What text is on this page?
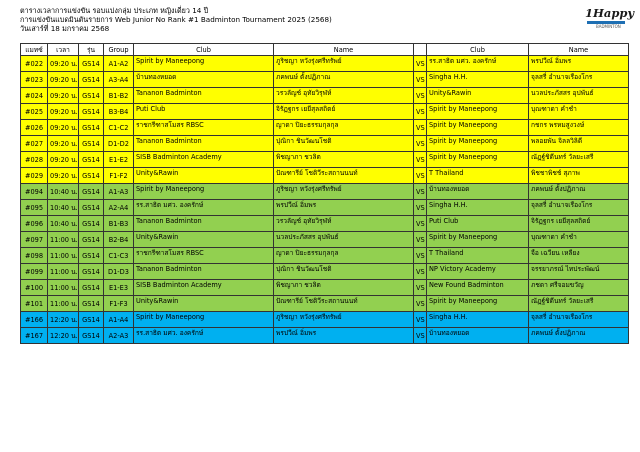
ตารางเวลาการแข่งขัน รอบแบ่งกลุ่ม ประเภท หญิงเดี่ยว 14 ปี
การแข่งขันแบดมินตันรายการ Web Junior No Rank #1 Badminton Tournament 2025 (2568)
วันเสาร์ที่ 18 มกราคม 2568
1Happy
BADMINTON
แมทซ์	เวลา	รุ่น	Group	Club	Name		Club	Name
#022	09:20 น.	GS14	A1-A2	Spirit by Maneepong	ภูริชญา หวังรุ่งศรีทรัพย์	VS	รร.สาธิต มศว. องครักษ์	พรปวีณ์ อิ่มพร
#023	09:20 น.	GS14	A3-A4	บ้านทองหยอด	ภคพนษ์ ตั้งปฏิภาณ	VS	Singha H.H.	จุลสรี่ อำนาจเรืองโกร
#024	09:20 น.	GS14	B1-B2	Tananon Badminton	วรวลัญช์ อุทัยวิรุฬห์	VS	Unity&Rawin	นวลประภัสสร อุปพันธ์
#025	09:20 น.	GS14	B3-B4	Puti Club	จิรัฏฐกร เยยีสุลสถิตย์	VS	Spirit by Maneepong	บุณฑาดา คำชำ
#026	09:20 น.	GS14	C1-C2	ราชกรีฑาสโมสร RBSC	ญาดา ปิยะธรรมกุลกุล	VS	Spirit by Maneepong	กชกร พรหมสูงวงษ์
#027	09:20 น.	GS14	D1-D2	Tananon Badminton	ปุณิกา ชินวัฒนโชติ	VS	Spirit by Maneepong	พลอยพัน จิลลวิลิดี
#028	09:20 น.	GS14	E1-E2	SISB Badminton Academy	พิชญาภา ชวลิต	VS	Spirit by Maneepong	ณัฏฐ์ชิดีนทร์ วัลยะเสรี
#029	09:20 น.	GS14	F1-F2	Unity&Rawin	ปัณฑารีย์ โชติวีระสถานนนท์	VS	T Thailand	พิชชาพิชช์ สุภาพ
#094	10:40 น.	GS14	A1-A3	Spirit by Maneepong	ภูริชญา หวังรุ่งศรีทรัพย์	VS	บ้านทองหยอด	ภคพนษ์ ตั้งปฏิภาณ
#095	10:40 น.	GS14	A2-A4	รร.สาธิต มศว. องครักษ์	พรปวีณ์ อิ่มพร	VS	Singha H.H.	จุลสรี่ อำนาจเรืองโกร
#096	10:40 น.	GS14	B1-B3	Tananon Badminton	วรวลัญช์ อุทัยวิรุฬห์	VS	Puti Club	จิรัฏฐกร เยยีสุลสถิตย์
#097	11:00 น.	GS14	B2-B4	Unity&Rawin	นวลประภัสสร อุปพันธ์	VS	Spirit by Maneepong	บุณฑาดา คำชำ
#098	11:00 น.	GS14	C1-C3	ราชกรีฑาสโมสร RBSC	ญาดา ปิยะธรรมกุลกุล	VS	T Thailand	จือ เฉวียน เหลียง
#099	11:00 น.	GS14	D1-D3	Tananon Badminton	ปุณิกา ชินวัฒนโชติ	VS	NP Victory Academy	จรรยาภรณ์ ไทประพัฒน์
#100	11:00 น.	GS14	E1-E3	SISB Badminton Academy	พิชญาภา ชวลิต	VS	New Found Badminton	ภชดา ศรีจอมขวัญ
#101	11:00 น.	GS14	F1-F3	Unity&Rawin	ปัณฑารีย์ โชติวีระสถานนนท์	VS	Spirit by Maneepong	ณัฏฐ์ชิดีนทร์ วัลยะเสรี
#166	12:20 น.	GS14	A1-A4	Spirit by Maneepong	ภูริชญา หวังรุ่งศรีทรัพย์	VS	Singha H.H.	จุลสรี่ อำนาจเรืองโกร
#167	12:20 น.	GS14	A2-A3	รร.สาธิต มศว. องครักษ์	พรปวีณ์ อิ่มพร	VS	บ้านทองหยอด	ภคพนษ์ ตั้งปฏิภาณ
